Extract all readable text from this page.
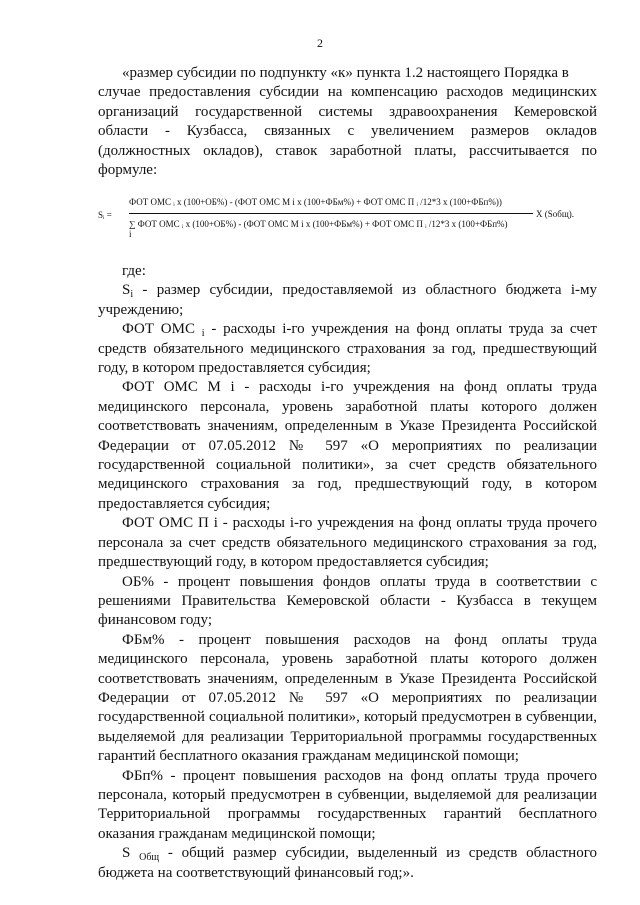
2
«размер субсидии по подпункту «к» пункта 1.2 настоящего Порядка в
случае предоставления субсидии на компенсацию расходов медицинских организаций государственной системы здравоохранения Кемеровской области - Кузбасса, связанных с увеличением размеров окладов (должностных окладов), ставок заработной платы, рассчитывается по формуле:
Sᵢ =
ФОТ ОМС ᵢ x (100+ОБ%) - (ФОТ ОМС М i x (100+ФБм%) + ФОТ ОМС П ᵢ /12*3 x (100+ФБп%))
∑ ФОТ ОМС ᵢ x (100+ОБ%) - (ФОТ ОМС М i x (100+ФБм%) + ФОТ ОМС П ᵢ /12*3 x (100+ФБп%)
i
X (Sобщ).

где:

$S_i$ - размер субсидии, предоставляемой из областного бюджета i-му учреждению;

ФОТ ОМС $_i$ - расходы i-го учреждения на фонд оплаты труда за счет средств обязательного медицинского страхования за год, предшествующий году, в котором предоставляется субсидия;

ФОТ ОМС М i - расходы i-го учреждения на фонд оплаты труда медицинского персонала, уровень заработной платы которого должен соответствовать значениям, определенным в Указе Президента Российской Федерации от 07.05.2012 № 597 «О мероприятиях по реализации государственной социальной политики», за счет средств обязательного медицинского страхования за год, предшествующий году, в котором предоставляется субсидия;

ФОТ ОМС П i - расходы i-го учреждения на фонд оплаты труда прочего персонала за счет средств обязательного медицинского страхования за год, предшествующий году, в котором предоставляется субсидия;

ОБ% - процент повышения фондов оплаты труда в соответствии с решениями Правительства Кемеровской области - Кузбасса в текущем финансовом году;

ФБм% - процент повышения расходов на фонд оплаты труда медицинского персонала, уровень заработной платы которого должен соответствовать значениям, определенным в Указе Президента Российской Федерации от 07.05.2012 № 597 «О мероприятиях по реализации государственной социальной политики», который предусмотрен в субвенции, выделяемой для реализации Территориальной программы государственных гарантий бесплатного оказания гражданам медицинской помощи;

ФБп% - процент повышения расходов на фонд оплаты труда прочего персонала, который предусмотрен в субвенции, выделяемой для реализации Территориальной программы государственных гарантий бесплатного оказания гражданам медицинской помощи;

S $_{Общ}$ - общий размер субсидии, выделенный из средств областного бюджета на соответствующий финансовый год;».
